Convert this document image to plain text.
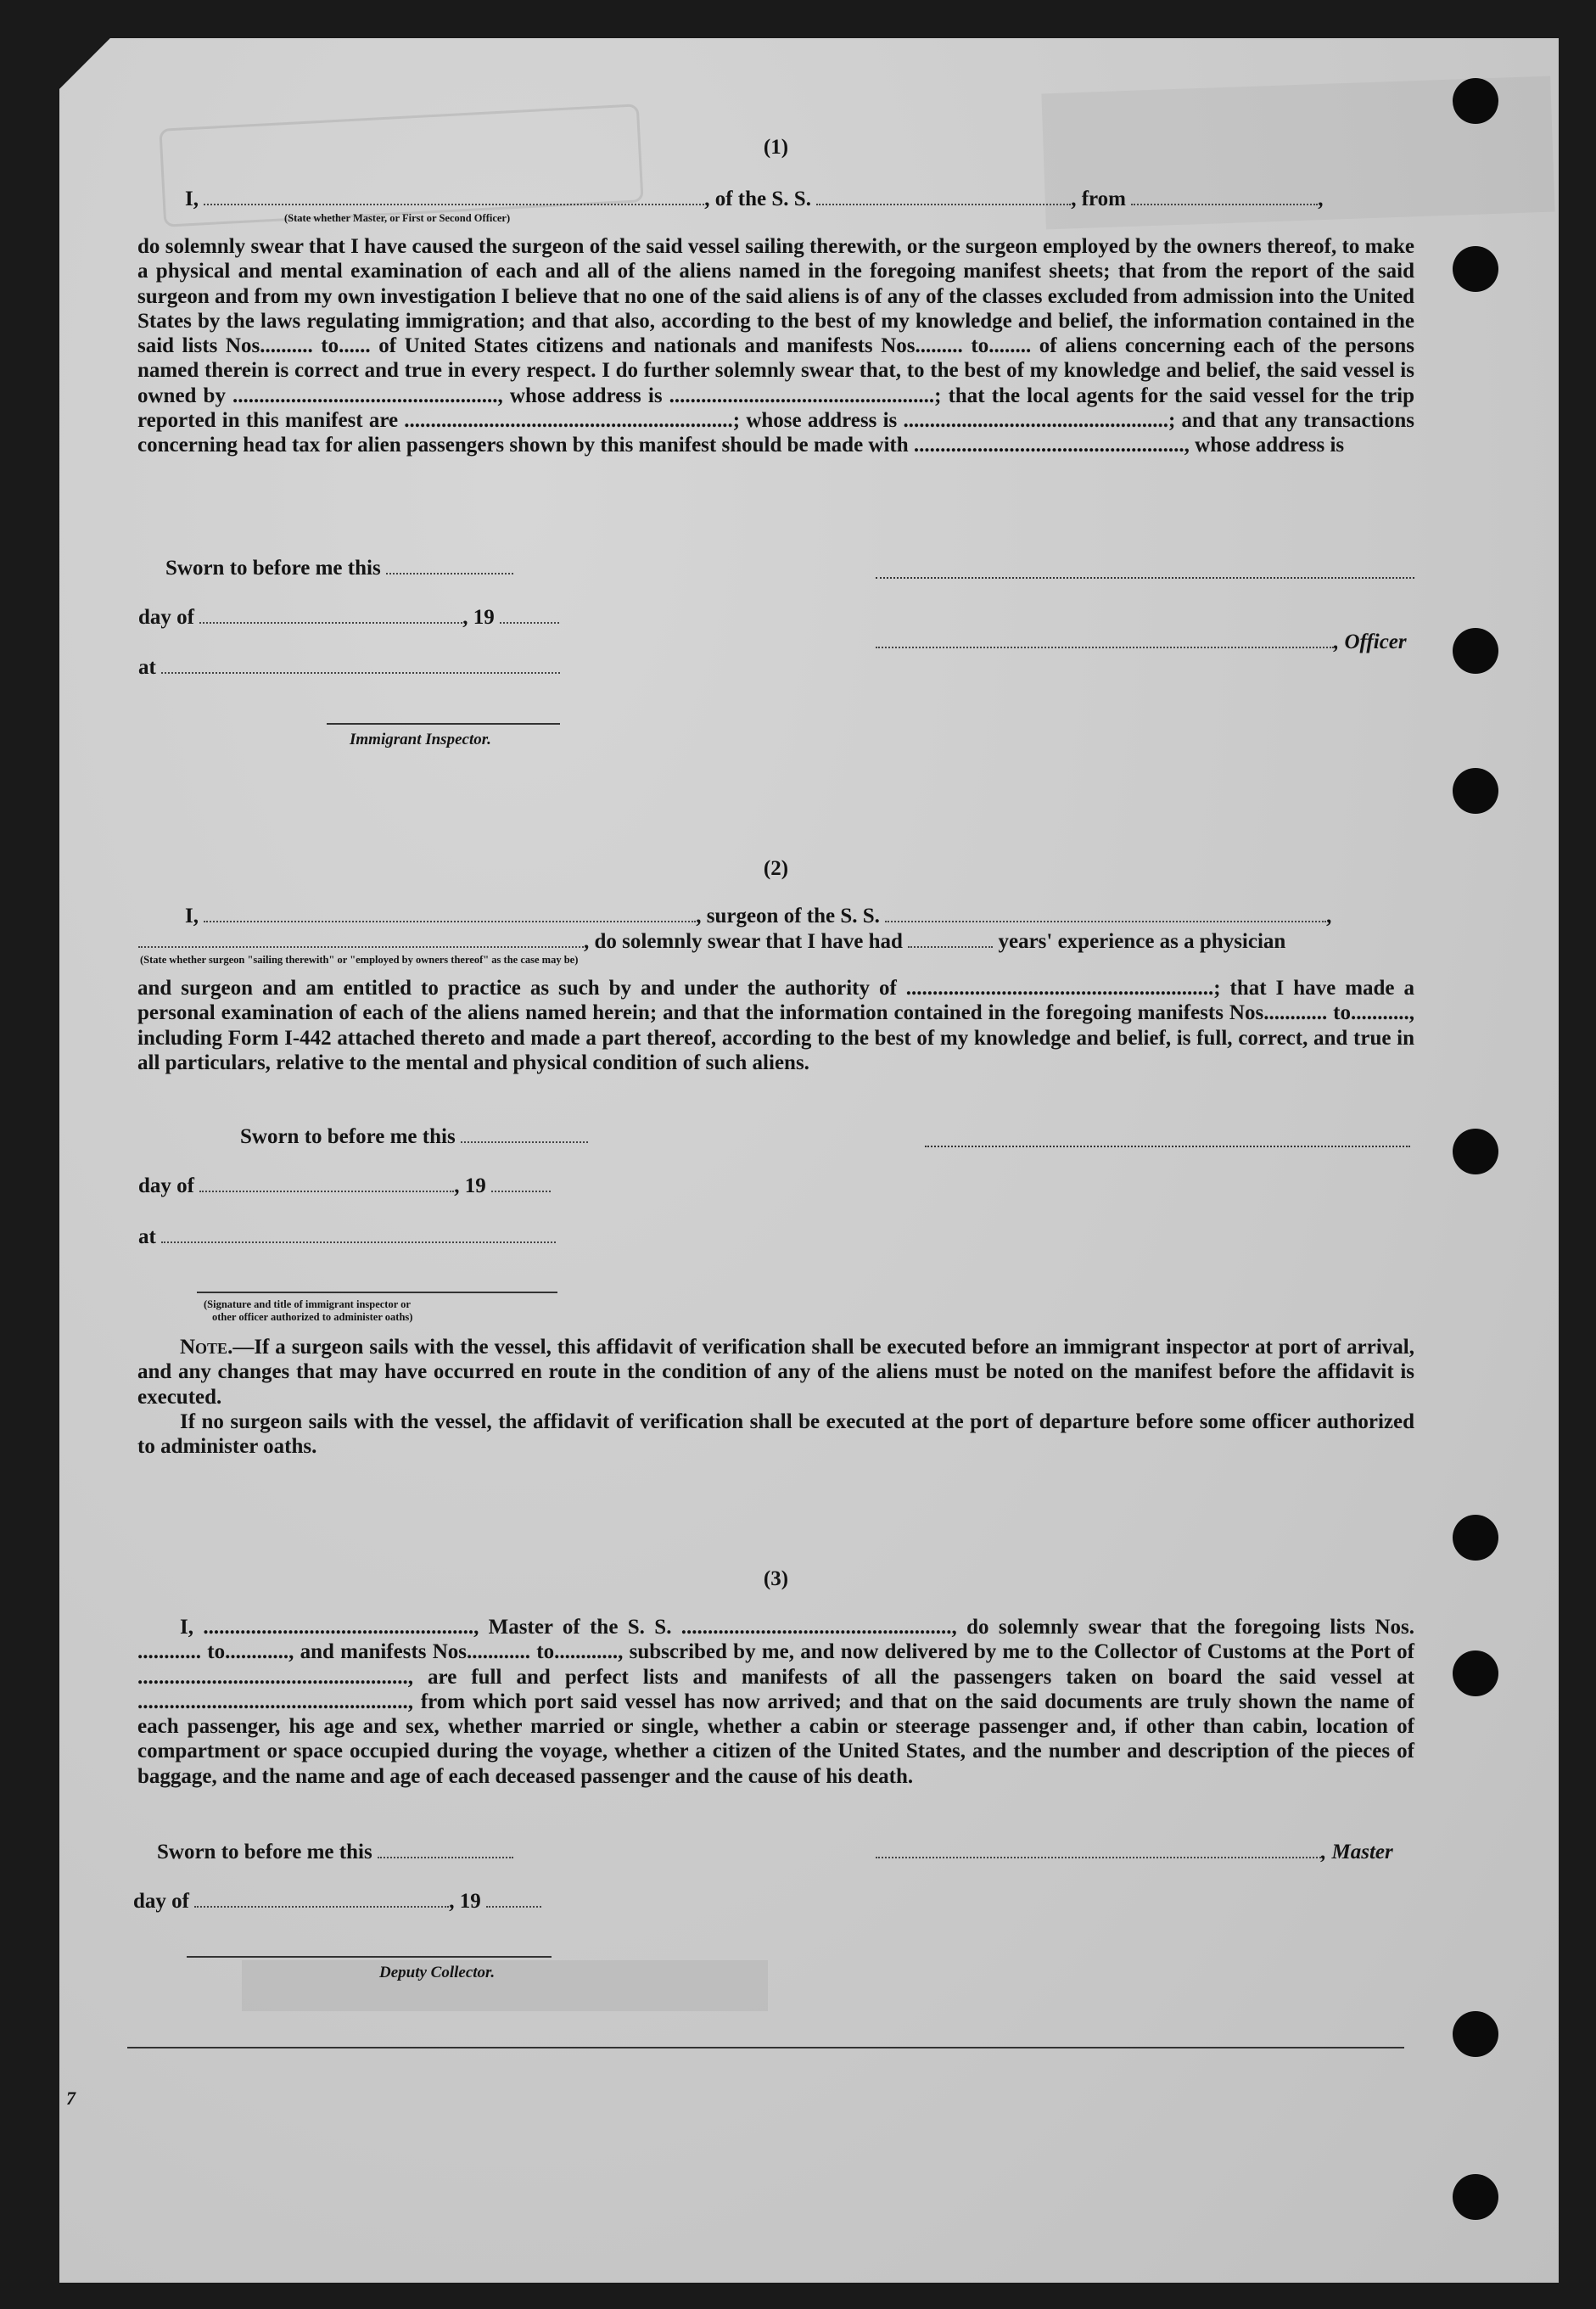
(1)
I,	, of the S. S.	, from	,
(State whether Master, or First or Second Officer)
do solemnly swear that I have caused the surgeon of the said vessel sailing therewith, or the surgeon employed by the owners thereof, to make a physical and mental examination of each and all of the aliens named in the foregoing manifest sheets; that from the report of the said surgeon and from my own investigation I believe that no one of the said aliens is of any of the classes excluded from admission into the United States by the laws regulating immigration; and that also, according to the best of my knowledge and belief, the information contained in the said lists Nos.......... to...... of United States citizens and nationals and manifests Nos......... to........ of aliens concerning each of the persons named therein is correct and true in every respect. I do further solemnly swear that, to the best of my knowledge and belief, the said vessel is owned by .................................................., whose address is ..................................................; that the local agents for the said vessel for the trip reported in this manifest are ..............................................................; whose address is ..................................................; and that any transactions concerning head tax for alien passengers shown by this manifest should be made with ..................................................., whose address is
Sworn to before me this
day of	, 19
, Officer
at
Immigrant Inspector.
(2)
I,	, surgeon of the S. S.	,
, do solemnly swear that I have had	years' experience as a physician
(State whether surgeon "sailing therewith" or "employed by owners thereof" as the case may be)
and surgeon and am entitled to practice as such by and under the authority of ..........................................................; that I have made a personal examination of each of the aliens named herein; and that the information contained in the foregoing manifests Nos............ to..........., including Form I-442 attached thereto and made a part thereof, according to the best of my knowledge and belief, is full, correct, and true in all particulars, relative to the mental and physical condition of such aliens.
Sworn to before me this
day of	, 19
at
(Signature and title of immigrant inspector or
other officer authorized to administer oaths)
Note.—If a surgeon sails with the vessel, this affidavit of verification shall be executed before an immigrant inspector at port of arrival, and any changes that may have occurred en route in the condition of any of the aliens must be noted on the manifest before the affidavit is executed.
If no surgeon sails with the vessel, the affidavit of verification shall be executed at the port of departure before some officer authorized to administer oaths.
(3)
I, ..................................................., Master of the S. S. ..................................................., do solemnly swear that the foregoing lists Nos. ............ to............, and manifests Nos............ to............, subscribed by me, and now delivered by me to the Collector of Customs at the Port of ..................................................., are full and perfect lists and manifests of all the passengers taken on board the said vessel at ..................................................., from which port said vessel has now arrived; and that on the said documents are truly shown the name of each passenger, his age and sex, whether married or single, whether a cabin or steerage passenger and, if other than cabin, location of compartment or space occupied during the voyage, whether a citizen of the United States, and the number and description of the pieces of baggage, and the name and age of each deceased passenger and the cause of his death.
Sworn to before me this	, Master
day of	, 19
Deputy Collector.
7
